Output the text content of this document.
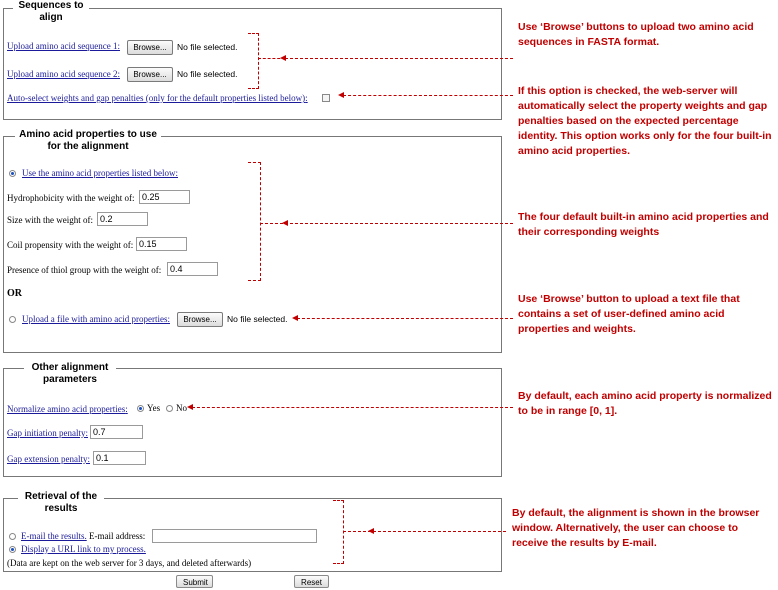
Sequences to align
Upload amino acid sequence 1:	Browse...	No file selected.
Upload amino acid sequence 2:	Browse...	No file selected.
Auto-select weights and gap penalties (only for the default properties listed below):
Amino acid properties to use for the alignment
Use the amino acid properties listed below:
Hydrophobicity with the weight of:
0.25
Size with the weight of:
0.2
Coil propensity with the weight of:
0.15
Presence of thiol group with the weight of:
0.4
OR
Upload a file with amino acid properties:	Browse...	No file selected.
Other alignment parameters
Normalize amino acid properties: Yes No
Gap initiation penalty:
0.7
Gap extension penalty:
0.1
Retrieval of the results
E-mail the results. E-mail address:
Display a URL link to my process.
(Data are kept on the web server for 3 days, and deleted afterwards)
Submit	Reset
Use ‘Browse’ buttons to upload two amino acid sequences in FASTA format.
If this option is checked, the web-server will automatically select the property weights and gap penalties based on the expected percentage identity. This option works only for the four built-in amino acid properties.
The four default built-in amino acid properties and their corresponding weights
Use ‘Browse’ button to upload a text file that contains a set of user-defined amino acid properties and weights.
By default, each amino acid property is normalized to be in range [0, 1].
By default, the alignment is shown in the browser window. Alternatively, the user can choose to receive the results by E-mail.
